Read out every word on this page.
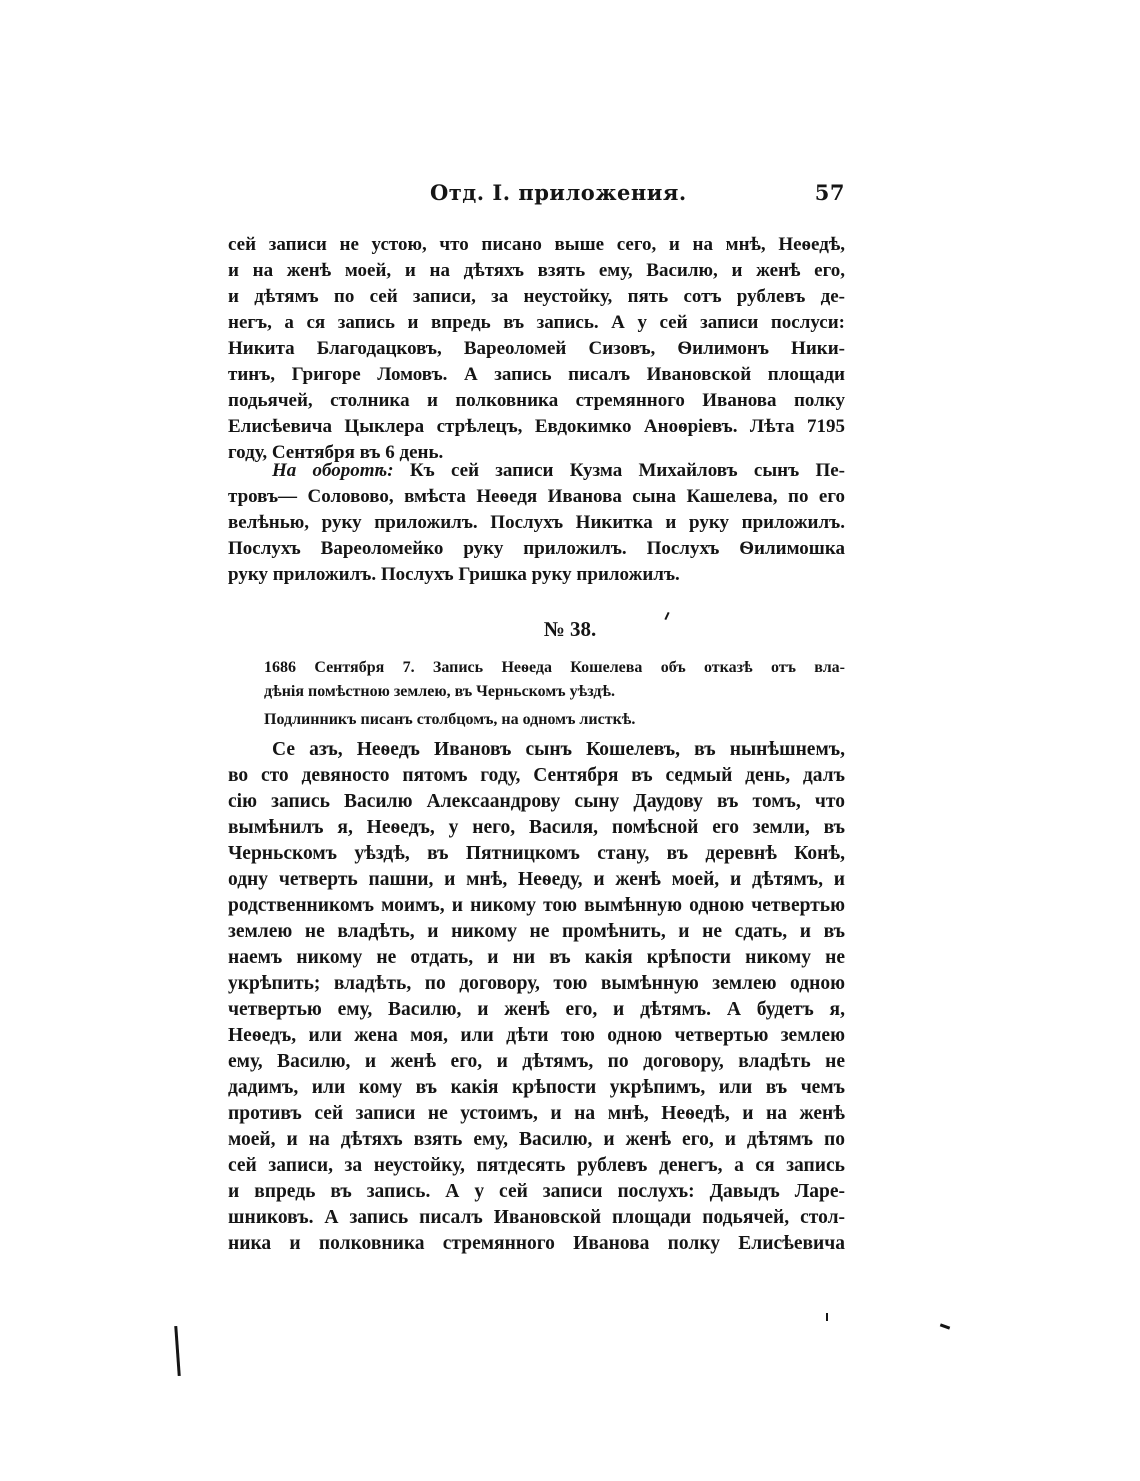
Отд. I. приложения.	57
сей записи не устою, что писано выше сего, и на мнѣ, Неѳедѣ,
и на женѣ моей, и на дѣтяхъ взять ему, Василю, и женѣ его,
и дѣтямъ по сей записи, за неустойку, пять сотъ рублевъ де-
негъ, а ся запись и впредь въ запись. А у сей записи послуси:
Никита Благодацковъ, Вареоломей Сизовъ, Ѳилимонъ Ники-
тинъ, Григоре Ломовъ. А запись писалъ Ивановской площади
подьячей, столника и полковника стремянного Иванова полку
Елисѣевича Цыклера стрѣлецъ, Евдокимко Аноѳріевъ. Лѣта 7195
году, Сентября въ 6 день.
На оборотѣ: Къ сей записи Кузма Михайловъ сынъ Пе-
тровъ— Соловово, вмѣста Неѳедя Иванова сына Кашелева, по его
велѣнью, руку приложилъ. Послухъ Никитка и руку приложилъ.
Послухъ Вареоломейко руку приложилъ. Послухъ Ѳилимошка
руку приложилъ. Послухъ Гришка руку приложилъ.
№ 38.
1686 Сентября 7. Запись Неѳеда Кошелева объ отказѣ отъ вла-
дѣнія помѣстною землею, въ Черньскомъ уѣздѣ.
Подлинникъ писанъ столбцомъ, на одномъ листкѣ.
Се азъ, Неѳедъ Ивановъ сынъ Кошелевъ, въ нынѣшнемъ,
во сто девяносто пятомъ году, Сентября въ седмый день, далъ
сію запись Василю Алексаандрову сыну Даудову въ томъ, что
вымѣнилъ я, Неѳедъ, у него, Василя, помѣсной его земли, въ
Черньскомъ уѣздѣ, въ Пятницкомъ стану, въ деревнѣ Конѣ,
одну четверть пашни, и мнѣ, Неѳеду, и женѣ моей, и дѣтямъ, и
родственникомъ моимъ, и никому тою вымѣнную одною четвертью
землею не владѣть, и никому не промѣнить, и не сдать, и въ
наемъ никому не отдать, и ни въ какія крѣпости никому не
укрѣпить; владѣть, по договору, тою вымѣнную землею одною
четвертью ему, Василю, и женѣ его, и дѣтямъ. А будетъ я,
Неѳедъ, или жена моя, или дѣти тою одною четвертью землею
ему, Василю, и женѣ его, и дѣтямъ, по договору, владѣть не
дадимъ, или кому въ какія крѣпости укрѣпимъ, или въ чемъ
противъ сей записи не устоимъ, и на мнѣ, Неѳедѣ, и на женѣ
моей, и на дѣтяхъ взять ему, Василю, и женѣ его, и дѣтямъ по
сей записи, за неустойку, пятдесять рублевъ денегъ, а ся запись
и впредь въ запись. А у сей записи послухъ: Давыдъ Ларе-
шниковъ. А запись писалъ Ивановской площади подьячей, стол-
ника и полковника стремянного Иванова полку Елисѣевича
